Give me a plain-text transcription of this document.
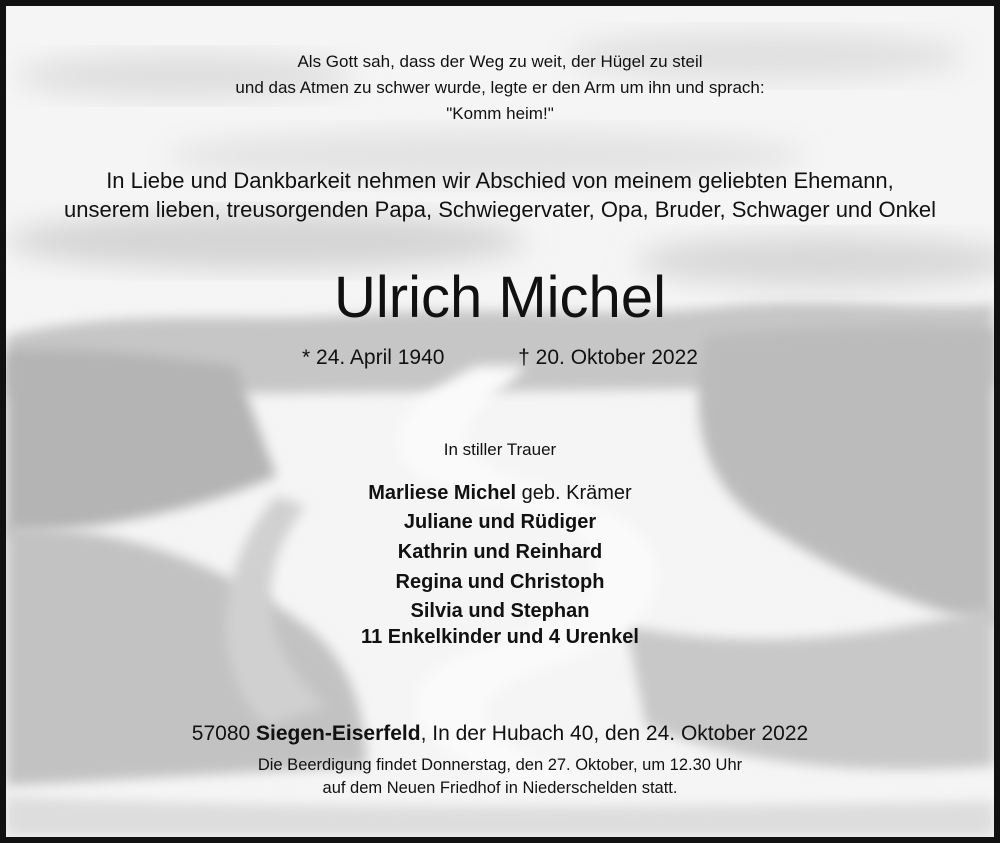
Als Gott sah, dass der Weg zu weit, der Hügel zu steil
und das Atmen zu schwer wurde, legte er den Arm um ihn und sprach:
"Komm heim!"
In Liebe und Dankbarkeit nehmen wir Abschied von meinem geliebten Ehemann,
unserem lieben, treusorgenden Papa, Schwiegervater, Opa, Bruder, Schwager und Onkel
Ulrich Michel
* 24. April 1940	† 20. Oktober 2022
In stiller Trauer
Marliese Michel geb. Krämer
Juliane und Rüdiger
Kathrin und Reinhard
Regina und Christoph
Silvia und Stephan
11 Enkelkinder und 4 Urenkel
57080 Siegen-Eiserfeld, In der Hubach 40, den 24. Oktober 2022
Die Beerdigung findet Donnerstag, den 27. Oktober, um 12.30 Uhr
auf dem Neuen Friedhof in Niederschelden statt.
